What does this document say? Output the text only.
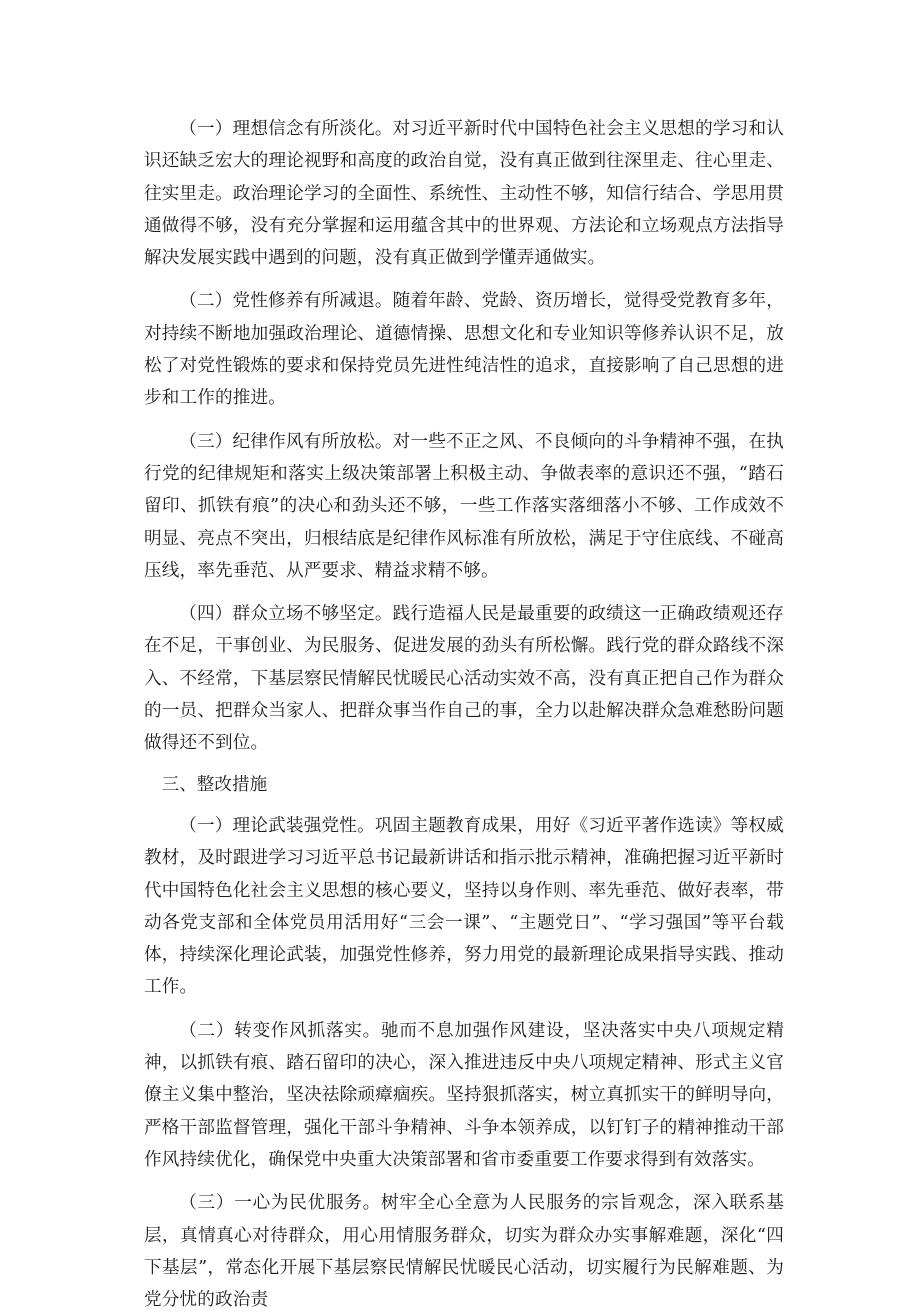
（一）理想信念有所淡化。对习近平新时代中国特色社会主义思想的学习和认识还缺乏宏大的理论视野和高度的政治自觉，没有真正做到往深里走、往心里走、往实里走。政治理论学习的全面性、系统性、主动性不够，知信行结合、学思用贯通做得不够，没有充分掌握和运用蕴含其中的世界观、方法论和立场观点方法指导解决发展实践中遇到的问题，没有真正做到学懂弄通做实。

（二）党性修养有所减退。随着年龄、党龄、资历增长，觉得受党教育多年，对持续不断地加强政治理论、道德情操、思想文化和专业知识等修养认识不足，放松了对党性锻炼的要求和保持党员先进性纯洁性的追求，直接影响了自己思想的进步和工作的推进。

（三）纪律作风有所放松。对一些不正之风、不良倾向的斗争精神不强，在执行党的纪律规矩和落实上级决策部署上积极主动、争做表率的意识还不强，“踏石留印、抓铁有痕”的决心和劲头还不够，一些工作落实落细落小不够、工作成效不明显、亮点不突出，归根结底是纪律作风标准有所放松，满足于守住底线、不碰高压线，率先垂范、从严要求、精益求精不够。

（四）群众立场不够坚定。践行造福人民是最重要的政绩这一正确政绩观还存在不足，干事创业、为民服务、促进发展的劲头有所松懈。践行党的群众路线不深入、不经常，下基层察民情解民忧暖民心活动实效不高，没有真正把自己作为群众的一员、把群众当家人、把群众事当作自己的事，全力以赴解决群众急难愁盼问题做得还不到位。

三、整改措施

（一）理论武装强党性。巩固主题教育成果，用好《习近平著作选读》等权威教材，及时跟进学习习近平总书记最新讲话和指示批示精神，准确把握习近平新时代中国特色化社会主义思想的核心要义，坚持以身作则、率先垂范、做好表率，带动各党支部和全体党员用活用好“三会一课”、“主题党日”、“学习强国”等平台载体，持续深化理论武装，加强党性修养，努力用党的最新理论成果指导实践、推动工作。

（二）转变作风抓落实。驰而不息加强作风建设，坚决落实中央八项规定精神，以抓铁有痕、踏石留印的决心，深入推进违反中央八项规定精神、形式主义官僚主义集中整治，坚决祛除顽瘴痼疾。坚持狠抓落实，树立真抓实干的鲜明导向，严格干部监督管理，强化干部斗争精神、斗争本领养成，以钉钉子的精神推动干部作风持续优化，确保党中央重大决策部署和省市委重要工作要求得到有效落实。

（三）一心为民优服务。树牢全心全意为人民服务的宗旨观念，深入联系基层，真情真心对待群众，用心用情服务群众，切实为群众办实事解难题，深化“四下基层”，常态化开展下基层察民情解民忧暖民心活动，切实履行为民解难题、为党分忧的政治责
